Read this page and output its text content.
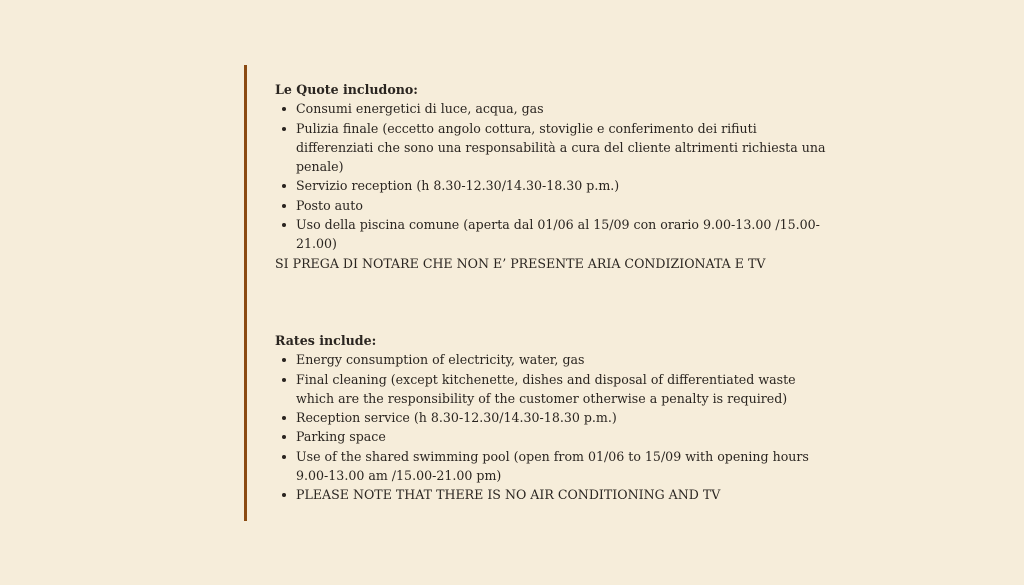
Le Quote includono:

Consumi energetici di luce, acqua, gas
Pulizia finale (eccetto angolo cottura, stoviglie e conferimento dei rifiuti differenziati che sono una responsabilità a cura del cliente altrimenti richiesta una penale)
Servizio reception (h 8.30-12.30/14.30-18.30 p.m.)
Posto auto
Uso della piscina comune (aperta dal 01/06 al 15/09 con orario 9.00-13.00 /15.00-21.00)

SI PREGA DI NOTARE CHE NON E’ PRESENTE ARIA CONDIZIONATA E TV

Rates include:

Energy consumption of electricity, water, gas
Final cleaning (except kitchenette, dishes and disposal of differentiated waste which are the responsibility of the customer otherwise a penalty is required)
Reception service (h 8.30-12.30/14.30-18.30 p.m.)
Parking space
Use of the shared swimming pool (open from 01/06 to 15/09 with opening hours 9.00-13.00 am /15.00-21.00 pm)
PLEASE NOTE THAT THERE IS NO AIR CONDITIONING AND TV
